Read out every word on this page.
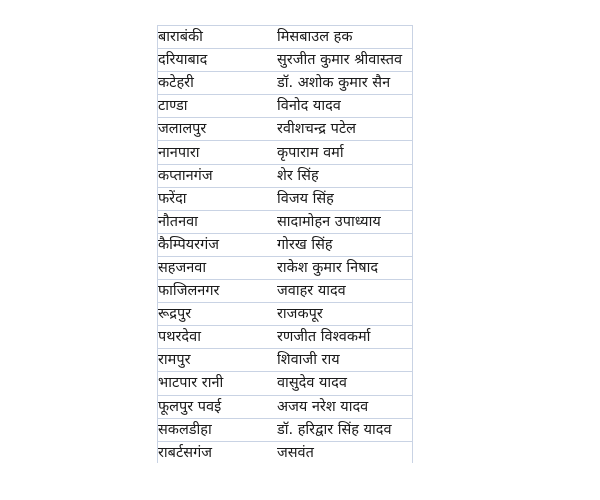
बाराबंकी	मिसबाउल हक
दरियाबाद	सुरजीत कुमार श्रीवास्तव
कटेहरी	डॉ. अशोक कुमार सैन
टाण्डा	विनोद यादव
जलालपुर	रवीशचन्द्र पटेल
नानपारा	कृपाराम वर्मा
कप्तानगंज	शेर सिंह
फरेंदा	विजय सिंह
नौतनवा	सादामोहन उपाध्याय
कैम्पियरगंज	गोरख सिंह
सहजनवा	राकेश कुमार निषाद
फाजिलनगर	जवाहर यादव
रूद्रपुर	राजकपूर
पथरदेवा	रणजीत विश्‍वकर्मा
रामपुर	शिवाजी राय
भाटपार रानी	वासुदेव यादव
फूलपुर पवई	अजय नरेश यादव
सकलडीहा	डॉ. हरिद्वार सिंह यादव
राबर्टसगंज	जसवंत
